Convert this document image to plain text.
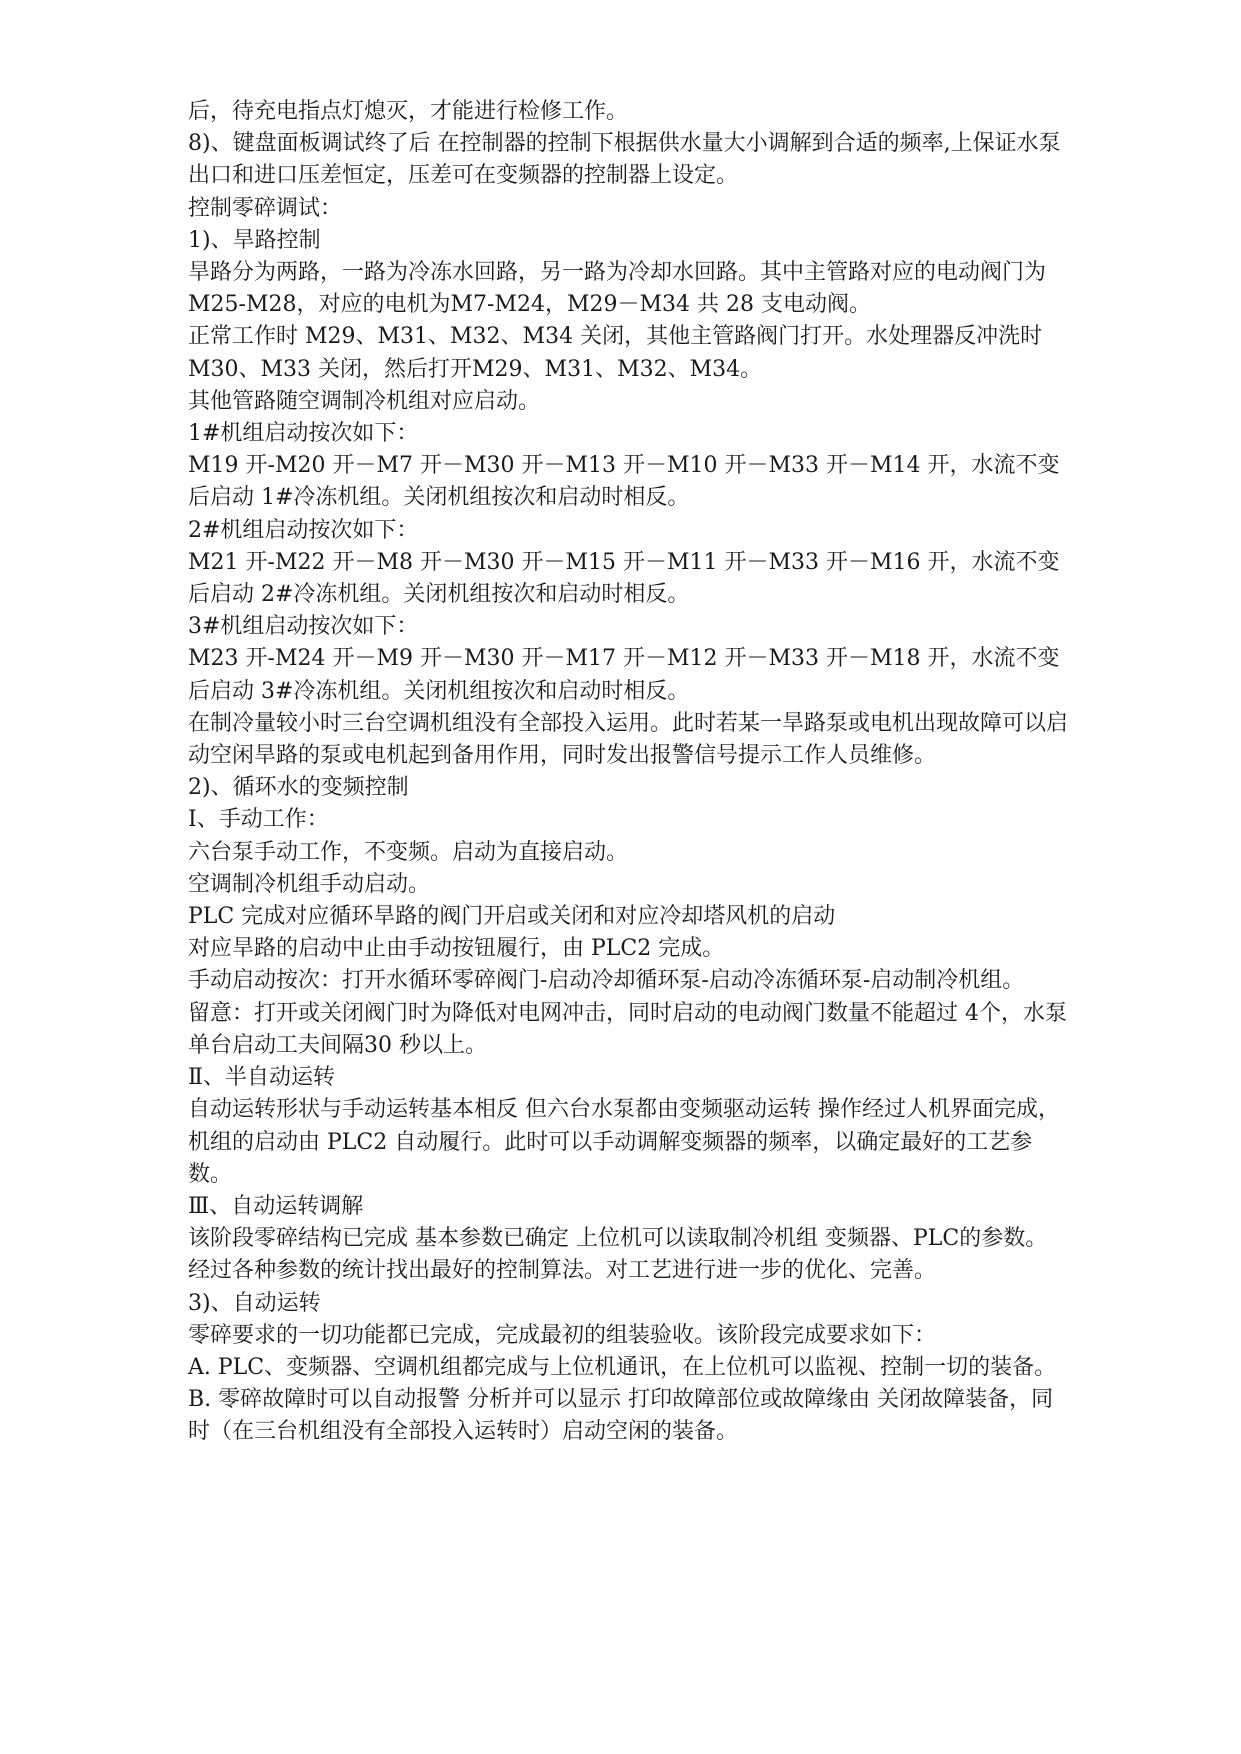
后，待充电指点灯熄灭，才能进行检修工作。

8)、键盘面板调试终了后 在控制器的控制下根据供水量大小调解到合适的频率,上保证水泵出口和进口压差恒定，压差可在变频器的控制器上设定。

控制零碎调试：

1)、旱路控制

旱路分为两路，一路为冷冻水回路，另一路为冷却水回路。其中主管路对应的电动阀门为M25-M28，对应的电机为M7-M24，M29－M34 共 28 支电动阀。

正常工作时 M29、M31、M32、M34 关闭，其他主管路阀门打开。水处理器反冲洗时 M30、M33 关闭，然后打开M29、M31、M32、M34。

其他管路随空调制冷机组对应启动。

1#机组启动按次如下：

M19 开-M20 开－M7 开－M30 开－M13 开－M10 开－M33 开－M14 开，水流不变后启动 1#冷冻机组。关闭机组按次和启动时相反。

2#机组启动按次如下：

M21 开-M22 开－M8 开－M30 开－M15 开－M11 开－M33 开－M16 开，水流不变后启动 2#冷冻机组。关闭机组按次和启动时相反。

3#机组启动按次如下：

M23 开-M24 开－M9 开－M30 开－M17 开－M12 开－M33 开－M18 开，水流不变后启动 3#冷冻机组。关闭机组按次和启动时相反。

在制冷量较小时三台空调机组没有全部投入运用。此时若某一旱路泵或电机出现故障可以启动空闲旱路的泵或电机起到备用作用，同时发出报警信号提示工作人员维修。

2)、循环水的变频控制

Ⅰ、手动工作：

六台泵手动工作，不变频。启动为直接启动。

空调制冷机组手动启动。

PLC 完成对应循环旱路的阀门开启或关闭和对应冷却塔风机的启动

对应旱路的启动中止由手动按钮履行，由 PLC2 完成。

手动启动按次：打开水循环零碎阀门-启动冷却循环泵-启动冷冻循环泵-启动制冷机组。

留意：打开或关闭阀门时为降低对电网冲击，同时启动的电动阀门数量不能超过 4个，水泵单台启动工夫间隔30 秒以上。

Ⅱ、半自动运转

自动运转形状与手动运转基本相反 但六台水泵都由变频驱动运转 操作经过人机界面完成，机组的启动由 PLC2 自动履行。此时可以手动调解变频器的频率，以确定最好的工艺参数。

Ⅲ、自动运转调解

该阶段零碎结构已完成 基本参数已确定 上位机可以读取制冷机组 变频器、PLC的参数。经过各种参数的统计找出最好的控制算法。对工艺进行进一步的优化、完善。

3)、自动运转

零碎要求的一切功能都已完成，完成最初的组装验收。该阶段完成要求如下：

A. PLC、变频器、空调机组都完成与上位机通讯，在上位机可以监视、控制一切的装备。

B. 零碎故障时可以自动报警 分析并可以显示 打印故障部位或故障缘由 关闭故障装备，同时（在三台机组没有全部投入运转时）启动空闲的装备。
